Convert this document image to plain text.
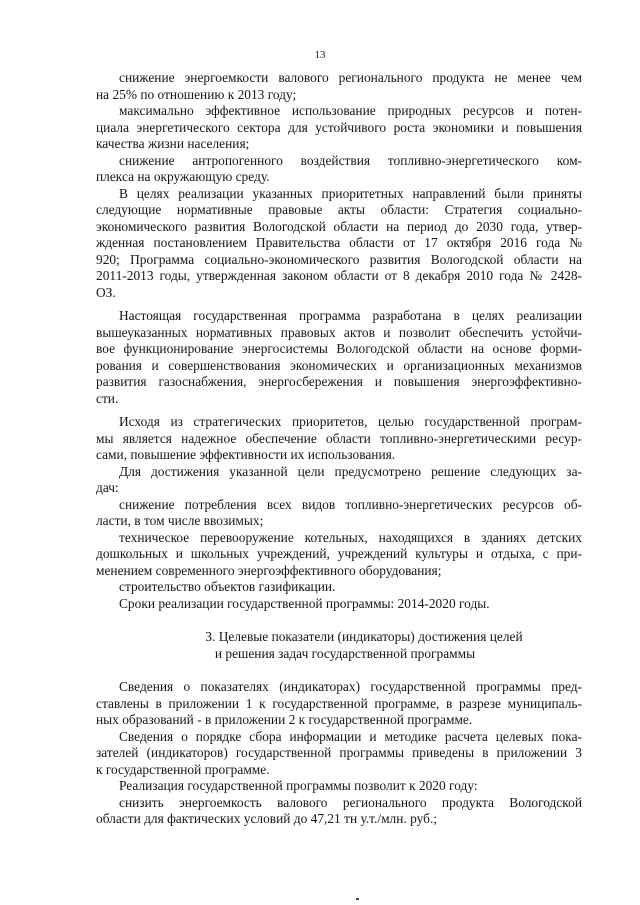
13
снижение энергоемкости валового регионального продукта не менее чем
на 25% по отношению к 2013 году;
максимально эффективное использование природных ресурсов и потен-
циала энергетического сектора для устойчивого роста экономики и повышения
качества жизни населения;
снижение антропогенного воздействия топливно-энергетического ком-
плекса на окружающую среду.
В целях реализации указанных приоритетных направлений были приняты
следующие нормативные правовые акты области: Стратегия социально-
экономического развития Вологодской области на период до 2030 года, утвер-
жденная постановлением Правительства области от 17 октября 2016 года №
920; Программа социально-экономического развития Вологодской области на
2011-2013 годы, утвержденная законом области от 8 декабря 2010 года № 2428-
ОЗ.
Настоящая государственная программа разработана в целях реализации
вышеуказанных нормативных правовых актов и позволит обеспечить устойчи-
вое функционирование энергосистемы Вологодской области на основе форми-
рования и совершенствования экономических и организационных механизмов
развития газоснабжения, энергосбережения и повышения энергоэффективно-
сти.
Исходя из стратегических приоритетов, целью государственной програм-
мы является надежное обеспечение области топливно-энергетическими ресур-
сами, повышение эффективности их использования.
Для достижения указанной цели предусмотрено решение следующих за-
дач:
снижение потребления всех видов топливно-энергетических ресурсов об-
ласти, в том числе ввозимых;
техническое перевооружение котельных, находящихся в зданиях детских
дошкольных и школьных учреждений, учреждений культуры и отдыха, с при-
менением современного энергоэффективного оборудования;
строительство объектов газификации.
Сроки реализации государственной программы: 2014-2020 годы.
3. Целевые показатели (индикаторы) достижения целей
и решения задач государственной программы
Сведения о показателях (индикаторах) государственной программы пред-
ставлены в приложении 1 к государственной программе, в разрезе муниципаль-
ных образований - в приложении 2 к государственной программе.
Сведения о порядке сбора информации и методике расчета целевых пока-
зателей (индикаторов) государственной программы приведены в приложении 3
к государственной программе.
Реализация государственной программы позволит к 2020 году:
снизить энергоемкость валового регионального продукта Вологодской
области для фактических условий до 47,21 тн у.т./млн. руб.;
